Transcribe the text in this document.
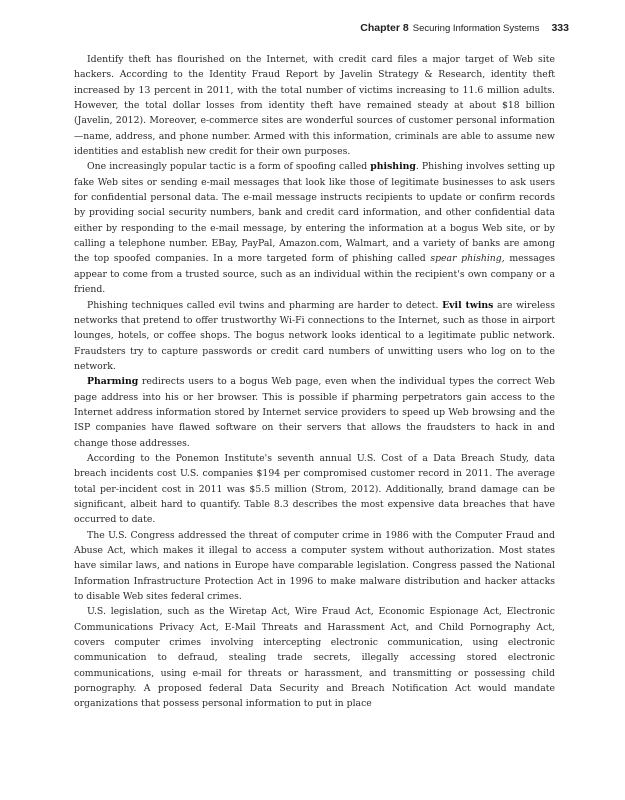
Chapter 8 Securing Information Systems 333

Identify theft has flourished on the Internet, with credit card files a major target of Web site hackers. According to the Identity Fraud Report by Javelin Strategy & Research, identity theft increased by 13 percent in 2011, with the total number of victims increasing to 11.6 million adults. However, the total dollar losses from identity theft have remained steady at about $18 billion (Javelin, 2012). Moreover, e-commerce sites are wonderful sources of customer personal information—name, address, and phone number. Armed with this information, criminals are able to assume new identities and establish new credit for their own purposes.

One increasingly popular tactic is a form of spoofing called phishing. Phishing involves setting up fake Web sites or sending e-mail messages that look like those of legitimate businesses to ask users for confidential personal data. The e-mail message instructs recipients to update or confirm records by providing social security numbers, bank and credit card information, and other confidential data either by responding to the e-mail message, by entering the information at a bogus Web site, or by calling a telephone number. EBay, PayPal, Amazon.com, Walmart, and a variety of banks are among the top spoofed companies. In a more targeted form of phishing called spear phishing, messages appear to come from a trusted source, such as an individual within the recipient's own company or a friend.

Phishing techniques called evil twins and pharming are harder to detect. Evil twins are wireless networks that pretend to offer trustworthy Wi-Fi connections to the Internet, such as those in airport lounges, hotels, or coffee shops. The bogus network looks identical to a legitimate public network. Fraudsters try to capture passwords or credit card numbers of unwitting users who log on to the network.

Pharming redirects users to a bogus Web page, even when the individual types the correct Web page address into his or her browser. This is possible if pharming perpetrators gain access to the Internet address information stored by Internet service providers to speed up Web browsing and the ISP companies have flawed software on their servers that allows the fraudsters to hack in and change those addresses.

According to the Ponemon Institute's seventh annual U.S. Cost of a Data Breach Study, data breach incidents cost U.S. companies $194 per compromised customer record in 2011. The average total per-incident cost in 2011 was $5.5 million (Strom, 2012). Additionally, brand damage can be significant, albeit hard to quantify. Table 8.3 describes the most expensive data breaches that have occurred to date.

The U.S. Congress addressed the threat of computer crime in 1986 with the Computer Fraud and Abuse Act, which makes it illegal to access a computer system without authorization. Most states have similar laws, and nations in Europe have comparable legislation. Congress passed the National Information Infrastructure Protection Act in 1996 to make malware distribution and hacker attacks to disable Web sites federal crimes.

U.S. legislation, such as the Wiretap Act, Wire Fraud Act, Economic Espionage Act, Electronic Communications Privacy Act, E-Mail Threats and Harassment Act, and Child Pornography Act, covers computer crimes involving intercepting electronic communication, using electronic communication to defraud, stealing trade secrets, illegally accessing stored electronic communications, using e-mail for threats or harassment, and transmitting or possessing child pornography. A proposed federal Data Security and Breach Notification Act would mandate organizations that possess personal information to put in place
